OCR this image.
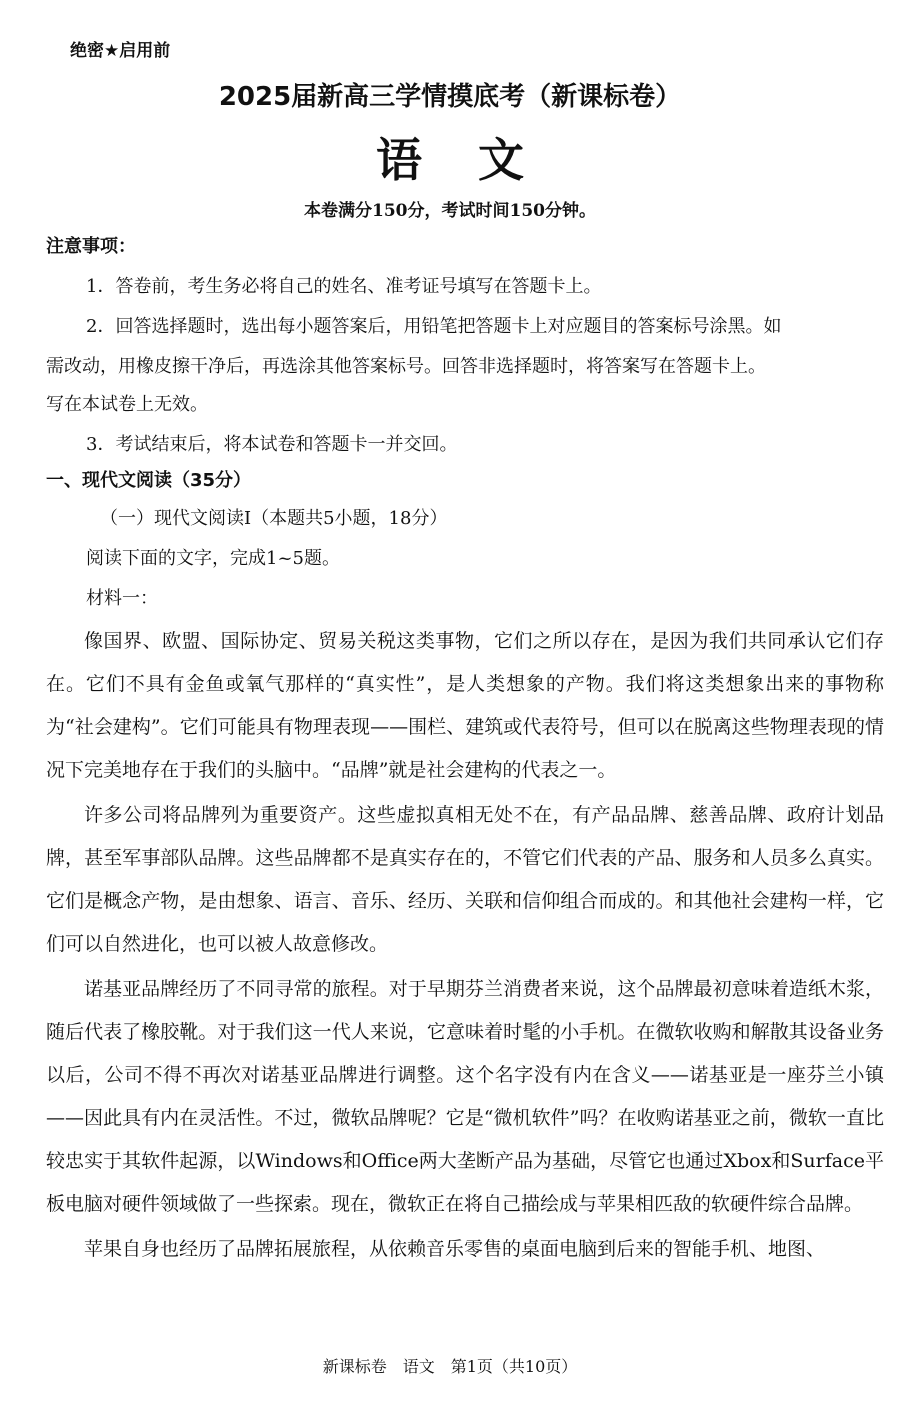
绝密★启用前
2025届新高三学情摸底考（新课标卷）
语文
本卷满分150分，考试时间150分钟。
注意事项：
1．答卷前，考生务必将自己的姓名、准考证号填写在答题卡上。
2．回答选择题时，选出每小题答案后，用铅笔把答题卡上对应题目的答案标号涂黑。如
需改动，用橡皮擦干净后，再选涂其他答案标号。回答非选择题时，将答案写在答题卡上。
写在本试卷上无效。
3．考试结束后，将本试卷和答题卡一并交回。
一、现代文阅读（35分）
（一）现代文阅读Ⅰ（本题共5小题，18分）
阅读下面的文字，完成1~5题。
材料一：

像国界、欧盟、国际协定、贸易关税这类事物，它们之所以存在，是因为我们共同承认它们存在。它们不具有金鱼或氧气那样的“真实性”，是人类想象的产物。我们将这类想象出来的事物称为“社会建构”。它们可能具有物理表现——围栏、建筑或代表符号，但可以在脱离这些物理表现的情况下完美地存在于我们的头脑中。“品牌”就是社会建构的代表之一。

许多公司将品牌列为重要资产。这些虚拟真相无处不在，有产品品牌、慈善品牌、政府计划品牌，甚至军事部队品牌。这些品牌都不是真实存在的，不管它们代表的产品、服务和人员多么真实。它们是概念产物，是由想象、语言、音乐、经历、关联和信仰组合而成的。和其他社会建构一样，它们可以自然进化，也可以被人故意修改。

诺基亚品牌经历了不同寻常的旅程。对于早期芬兰消费者来说，这个品牌最初意味着造纸木浆，随后代表了橡胶靴。对于我们这一代人来说，它意味着时髦的小手机。在微软收购和解散其设备业务以后，公司不得不再次对诺基亚品牌进行调整。这个名字没有内在含义——诺基亚是一座芬兰小镇——因此具有内在灵活性。不过，微软品牌呢？它是“微机软件”吗？在收购诺基亚之前，微软一直比较忠实于其软件起源，以Windows和Office两大垄断产品为基础，尽管它也通过Xbox和Surface平板电脑对硬件领域做了一些探索。现在，微软正在将自己描绘成与苹果相匹敌的软硬件综合品牌。

苹果自身也经历了品牌拓展旅程，从依赖音乐零售的桌面电脑到后来的智能手机、地图、

新课标卷　语文　第1页（共10页）
